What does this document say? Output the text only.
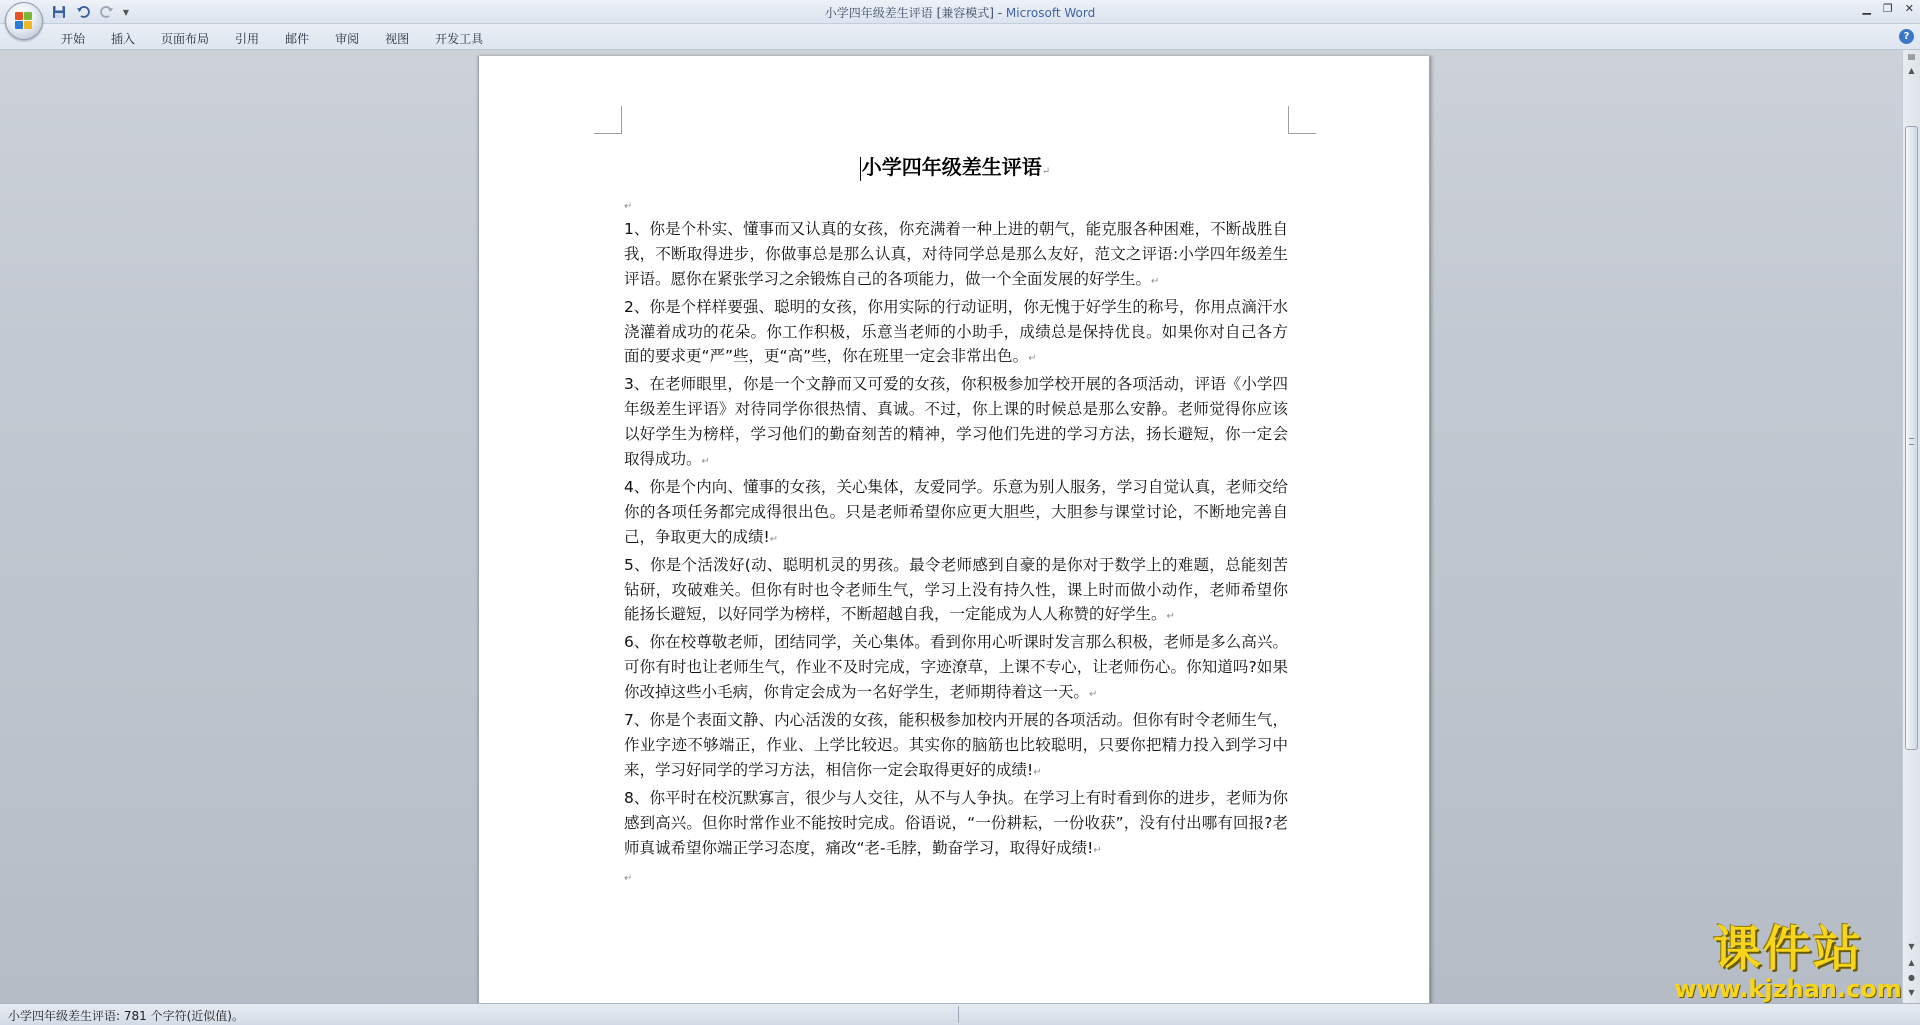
▼	小学四年级差生评语 [兼容模式] - Microsoft Word	▁ ❐ ✕
开始	插入	页面布局	引用	邮件	审阅	视图	开发工具	?
小学四年级差生评语↵
↵
1、你是个朴实、懂事而又认真的女孩，你充满着一种上进的朝气，能克服各种困难，不断战胜自我，不断取得进步，你做事总是那么认真，对待同学总是那么友好，范文之评语:小学四年级差生评语。愿你在紧张学习之余锻炼自己的各项能力，做一个全面发展的好学生。↵
2、你是个样样要强、聪明的女孩，你用实际的行动证明，你无愧于好学生的称号，你用点滴汗水浇灌着成功的花朵。你工作积极，乐意当老师的小助手，成绩总是保持优良。如果你对自己各方面的要求更“严”些，更“高”些，你在班里一定会非常出色。↵
3、在老师眼里，你是一个文静而又可爱的女孩，你积极参加学校开展的各项活动，评语《小学四年级差生评语》对待同学你很热情、真诚。不过，你上课的时候总是那么安静。老师觉得你应该以好学生为榜样，学习他们的勤奋刻苦的精神，学习他们先进的学习方法，扬长避短，你一定会取得成功。↵
4、你是个内向、懂事的女孩，关心集体，友爱同学。乐意为别人服务，学习自觉认真，老师交给你的各项任务都完成得很出色。只是老师希望你应更大胆些，大胆参与课堂讨论，不断地完善自己，争取更大的成绩!↵
5、你是个活泼好(动、聪明机灵的男孩。最令老师感到自豪的是你对于数学上的难题，总能刻苦钻研，攻破难关。但你有时也令老师生气，学习上没有持久性，课上时而做小动作，老师希望你能扬长避短，以好同学为榜样，不断超越自我，一定能成为人人称赞的好学生。↵
6、你在校尊敬老师，团结同学，关心集体。看到你用心听课时发言那么积极，老师是多么高兴。可你有时也让老师生气，作业不及时完成，字迹潦草，上课不专心，让老师伤心。你知道吗?如果你改掉这些小毛病，你肯定会成为一名好学生，老师期待着这一天。↵
7、你是个表面文静、内心活泼的女孩，能积极参加校内开展的各项活动。但你有时令老师生气，作业字迹不够端正，作业、上学比较迟。其实你的脑筋也比较聪明，只要你把精力投入到学习中来，学习好同学的学习方法，相信你一定会取得更好的成绩!↵
8、你平时在校沉默寡言，很少与人交往，从不与人争执。在学习上有时看到你的进步，老师为你感到高兴。但你时常作业不能按时完成。俗语说，“一份耕耘，一份收获”，没有付出哪有回报?老师真诚希望你端正学习态度，痛改“老-毛脖，勤奋学习，取得好成绩!↵
↵
▤
▲
▼
▲
●
▼
小学四年级差生评语: 781 个字符(近似值)。
课件站
www.kjzhan.com
